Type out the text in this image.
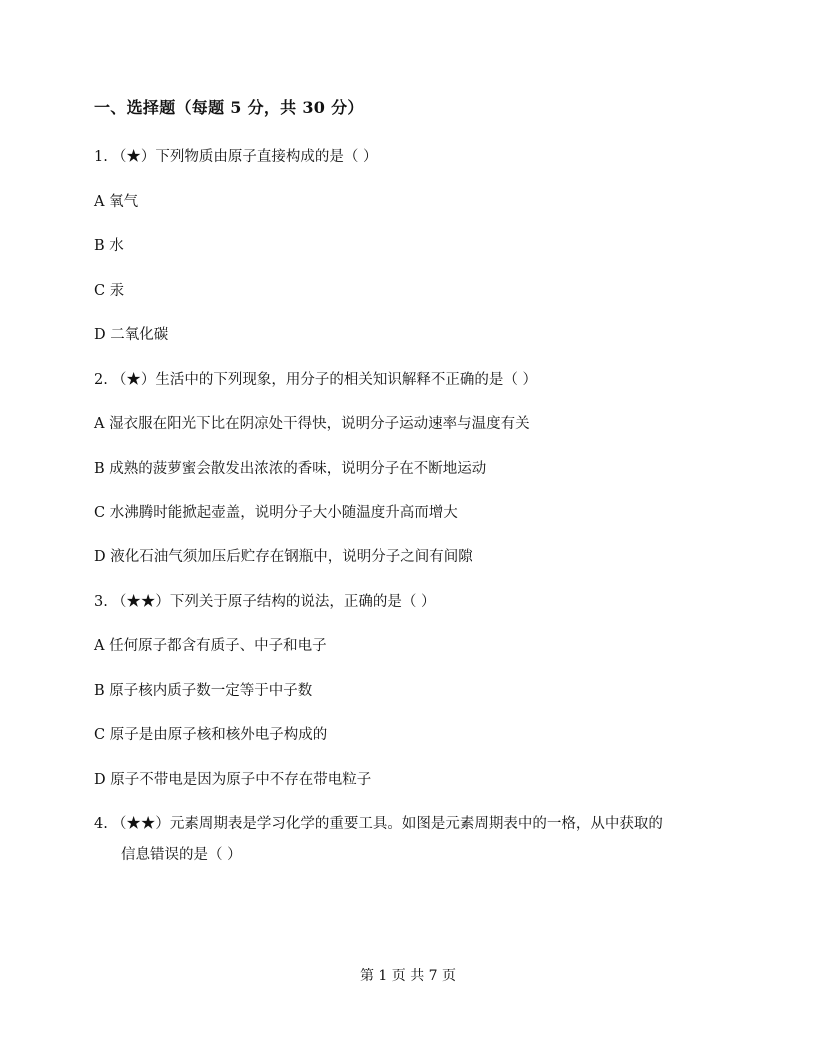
一、选择题（每题 5 分，共 30 分）
1. （★）下列物质由原子直接构成的是（ ）
A 氧气
B 水
C 汞
D 二氧化碳
2. （★）生活中的下列现象，用分子的相关知识解释不正确的是（ ）
A 湿衣服在阳光下比在阴凉处干得快，说明分子运动速率与温度有关
B 成熟的菠萝蜜会散发出浓浓的香味，说明分子在不断地运动
C 水沸腾时能掀起壶盖，说明分子大小随温度升高而增大
D 液化石油气须加压后贮存在钢瓶中，说明分子之间有间隙
3. （★★）下列关于原子结构的说法，正确的是（ ）
A 任何原子都含有质子、中子和电子
B 原子核内质子数一定等于中子数
C 原子是由原子核和核外电子构成的
D 原子不带电是因为原子中不存在带电粒子
4. （★★）元素周期表是学习化学的重要工具。如图是元素周期表中的一格，从中获取的
信息错误的是（ ）
第 1 页 共 7 页
